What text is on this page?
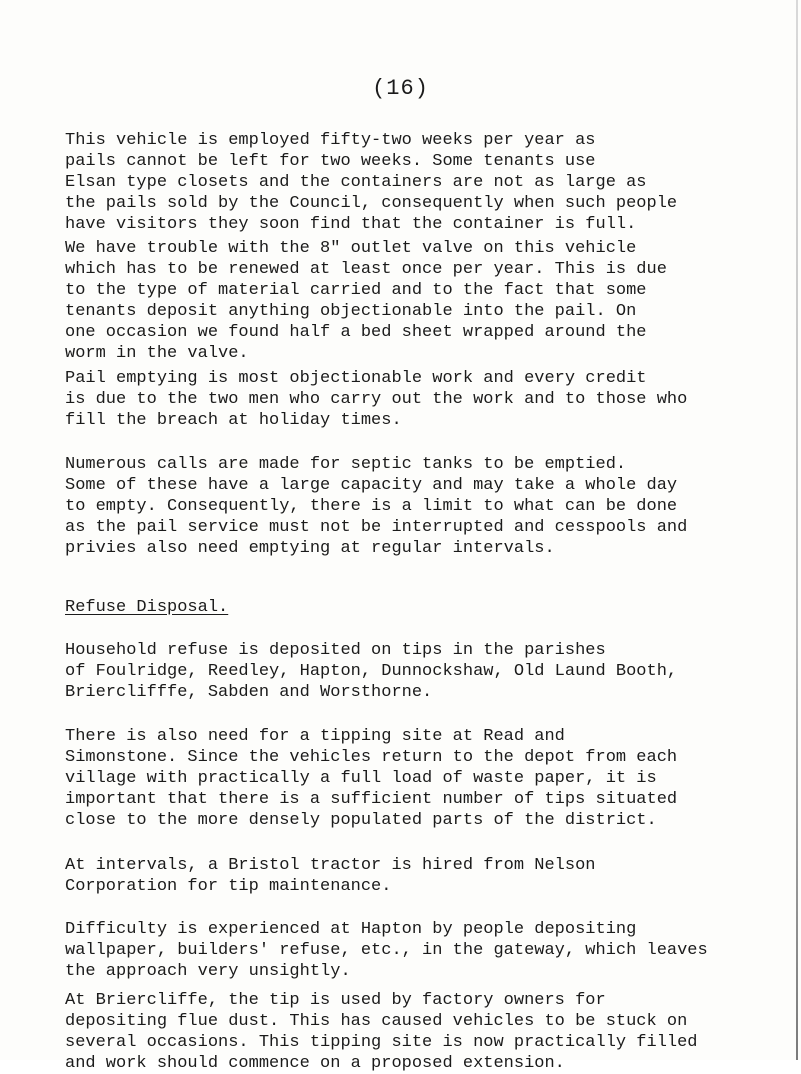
(16)

This vehicle is employed fifty-two weeks per year as
pails cannot be left for two weeks. Some tenants use
Elsan type closets and the containers are not as large as
the pails sold by the Council, consequently when such people
have visitors they soon find that the container is full.

We have trouble with the 8" outlet valve on this vehicle
which has to be renewed at least once per year. This is due
to the type of material carried and to the fact that some
tenants deposit anything objectionable into the pail. On
one occasion we found half a bed sheet wrapped around the
worm in the valve.

Pail emptying is most objectionable work and every credit
is due to the two men who carry out the work and to those who
fill the breach at holiday times.

Numerous calls are made for septic tanks to be emptied.
Some of these have a large capacity and may take a whole day
to empty. Consequently, there is a limit to what can be done
as the pail service must not be interrupted and cesspools and
privies also need emptying at regular intervals.

Refuse Disposal.

Household refuse is deposited on tips in the parishes
of Foulridge, Reedley, Hapton, Dunnockshaw, Old Laund Booth,
Brierclifffe, Sabden and Worsthorne.

There is also need for a tipping site at Read and
Simonstone. Since the vehicles return to the depot from each
village with practically a full load of waste paper, it is
important that there is a sufficient number of tips situated
close to the more densely populated parts of the district.

At intervals, a Bristol tractor is hired from Nelson
Corporation for tip maintenance.

Difficulty is experienced at Hapton by people depositing
wallpaper, builders' refuse, etc., in the gateway, which leaves
the approach very unsightly.

At Briercliffe, the tip is used by factory owners for
depositing flue dust. This has caused vehicles to be stuck on
several occasions. This tipping site is now practically filled
and work should commence on a proposed extension.
